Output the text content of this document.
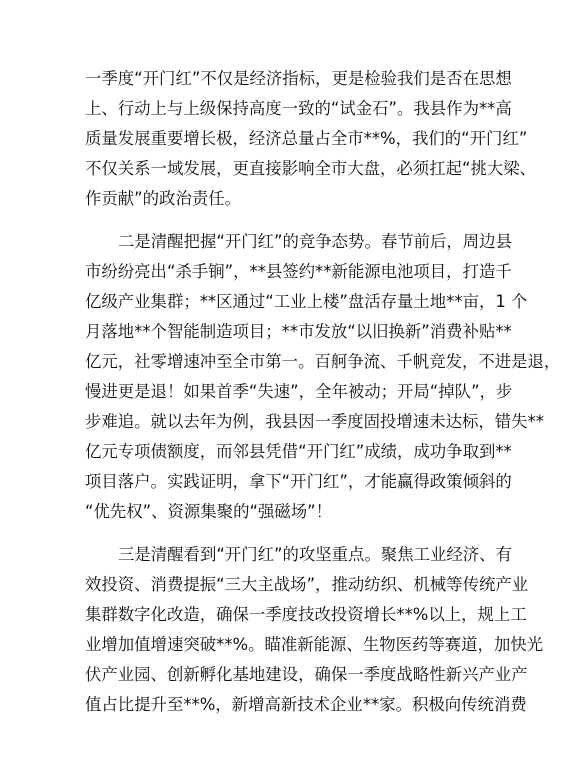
一季度“开门红”不仅是经济指标，更是检验我们是否在思想
上、行动上与上级保持高度一致的“试金石”。我县作为**高
质量发展重要增长极，经济总量占全市**%，我们的“开门红”
不仅关系一域发展，更直接影响全市大盘，必须扛起“挑大梁、
作贡献”的政治责任。
二是清醒把握“开门红”的竞争态势。春节前后，周边县
市纷纷亮出“杀手锏”，**县签约**新能源电池项目，打造千
亿级产业集群；**区通过“工业上楼”盘活存量土地**亩，1 个
月落地**个智能制造项目；**市发放“以旧换新”消费补贴**
亿元，社零增速冲至全市第一。百舸争流、千帆竞发，不进是退，
慢进更是退！如果首季“失速”，全年被动；开局“掉队”，步
步难追。就以去年为例，我县因一季度固投增速未达标，错失**
亿元专项债额度，而邻县凭借“开门红”成绩，成功争取到**
项目落户。实践证明，拿下“开门红”，才能赢得政策倾斜的
“优先权”、资源集聚的“强磁场”！
三是清醒看到“开门红”的攻坚重点。聚焦工业经济、有
效投资、消费提振“三大主战场”，推动纺织、机械等传统产业
集群数字化改造，确保一季度技改投资增长**%以上，规上工
业增加值增速突破**%。瞄准新能源、生物医药等赛道，加快光
伏产业园、创新孵化基地建设，确保一季度战略性新兴产业产
值占比提升至**%，新增高新技术企业**家。积极向传统消费
